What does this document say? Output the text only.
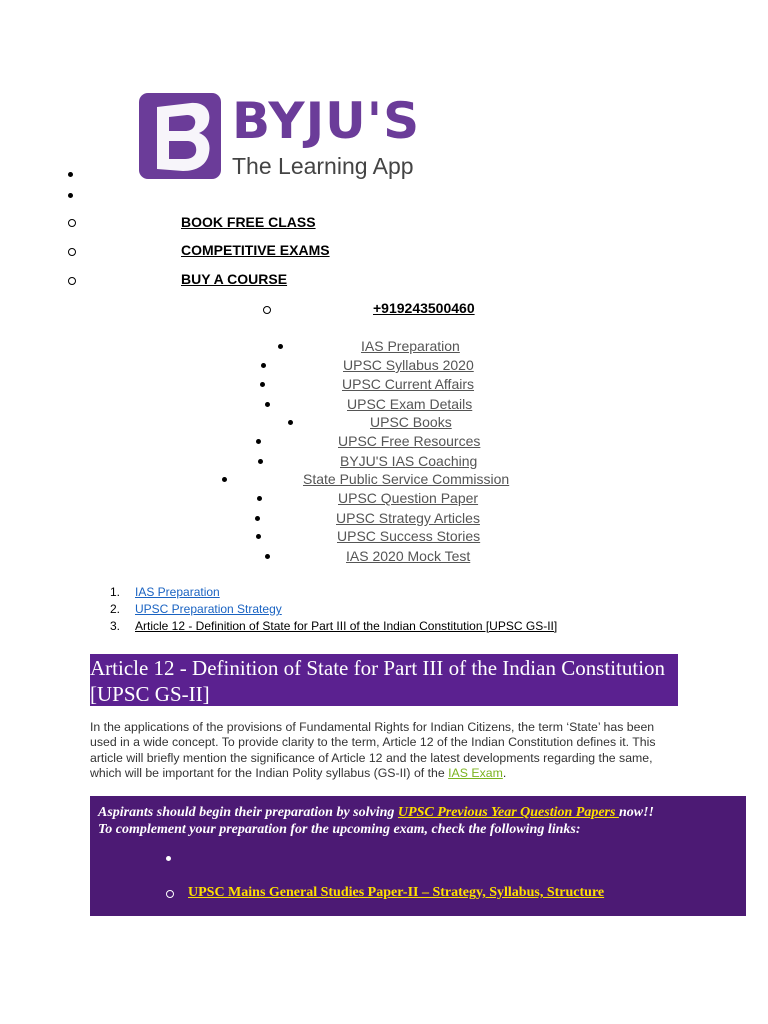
BYJU'S
The Learning App
BOOK FREE CLASS
COMPETITIVE EXAMS
BUY A COURSE
+919243500460
IAS Preparation
UPSC Syllabus 2020
UPSC Current Affairs
UPSC Exam Details
UPSC Books
UPSC Free Resources
BYJU'S IAS Coaching
State Public Service Commission
UPSC Question Paper
UPSC Strategy Articles
UPSC Success Stories
IAS 2020 Mock Test
1. IAS Preparation
2. UPSC Preparation Strategy
3. Article 12 - Definition of State for Part III of the Indian Constitution [UPSC GS-II]
Article 12 - Definition of State for Part III of the Indian Constitution [UPSC GS-II]
In the applications of the provisions of Fundamental Rights for Indian Citizens, the term ‘State’ has been used in a wide concept. To provide clarity to the term, Article 12 of the Indian Constitution defines it. This article will briefly mention the significance of Article 12 and the latest developments regarding the same, which will be important for the Indian Polity syllabus (GS-II) of the IAS Exam.
Aspirants should begin their preparation by solving UPSC Previous Year Question Papers now!!
To complement your preparation for the upcoming exam, check the following links:
UPSC Mains General Studies Paper-II – Strategy, Syllabus, Structure
